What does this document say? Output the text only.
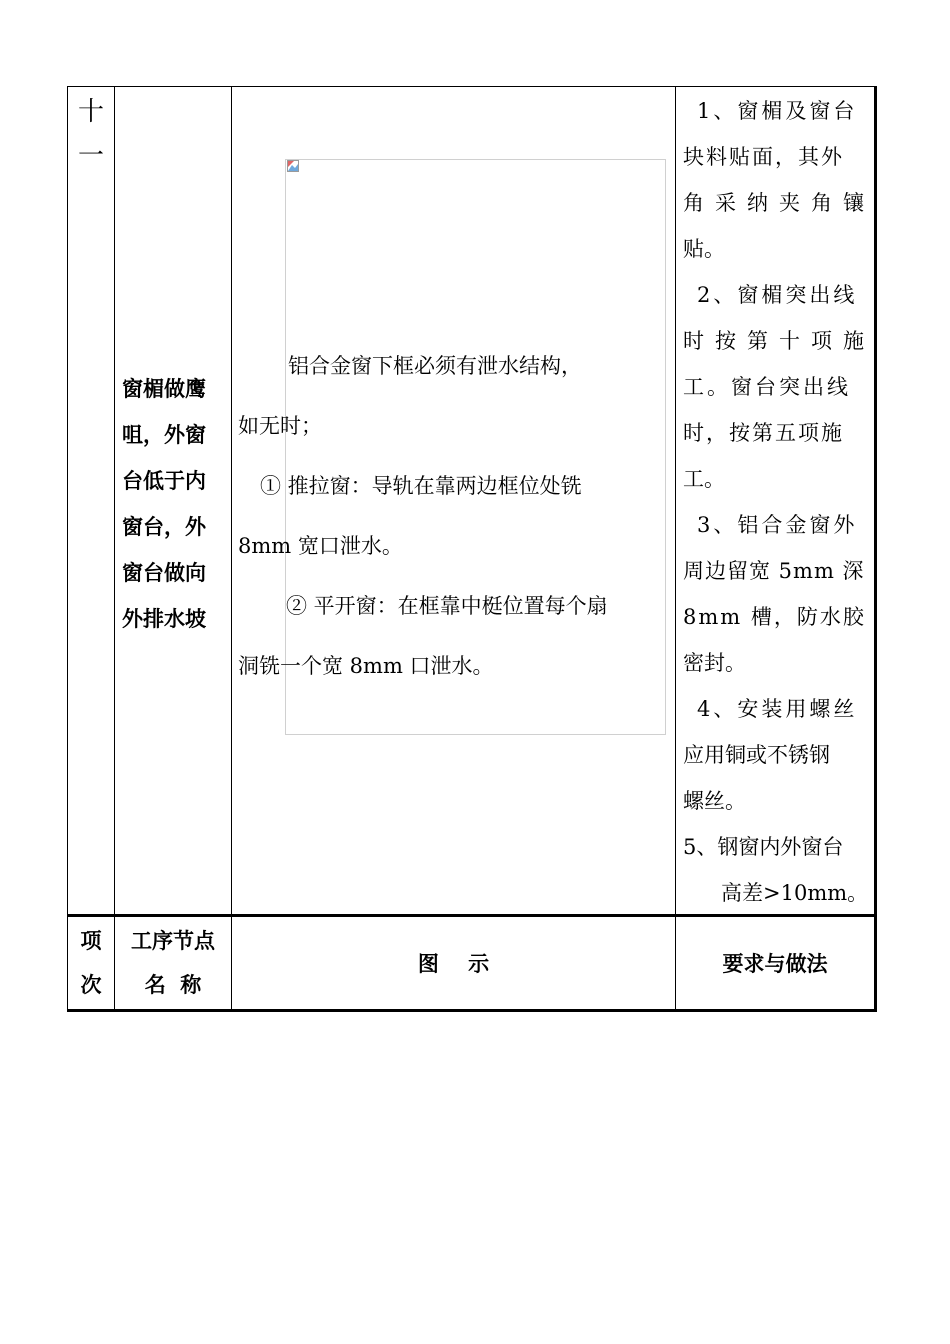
十
一
窗楣做鹰
咀，外窗
台低于内
窗台，外
窗台做向
外排水坡

铝合金窗下框必须有泄水结构，

如无时；

① 推拉窗：导轨在靠两边框位处铣

8mm 宽口泄水。

② 平开窗：在框靠中梃位置每个扇

洞铣一个宽 8mm 口泄水。

1、窗楣及窗台
块料贴面，其外
角采纳夹角镶
贴。
2、窗楣突出线
时按第十项施
工。窗台突出线
时，按第五项施
工。
3、铝合金窗外
周边留宽 5mm 深
8mm 槽，防水胶
密封。
4、安装用螺丝
应用铜或不锈钢
螺丝。
5、钢窗内外窗台
高差>10mm。
项
次
工序节点
名  称
图    示	要求与做法
